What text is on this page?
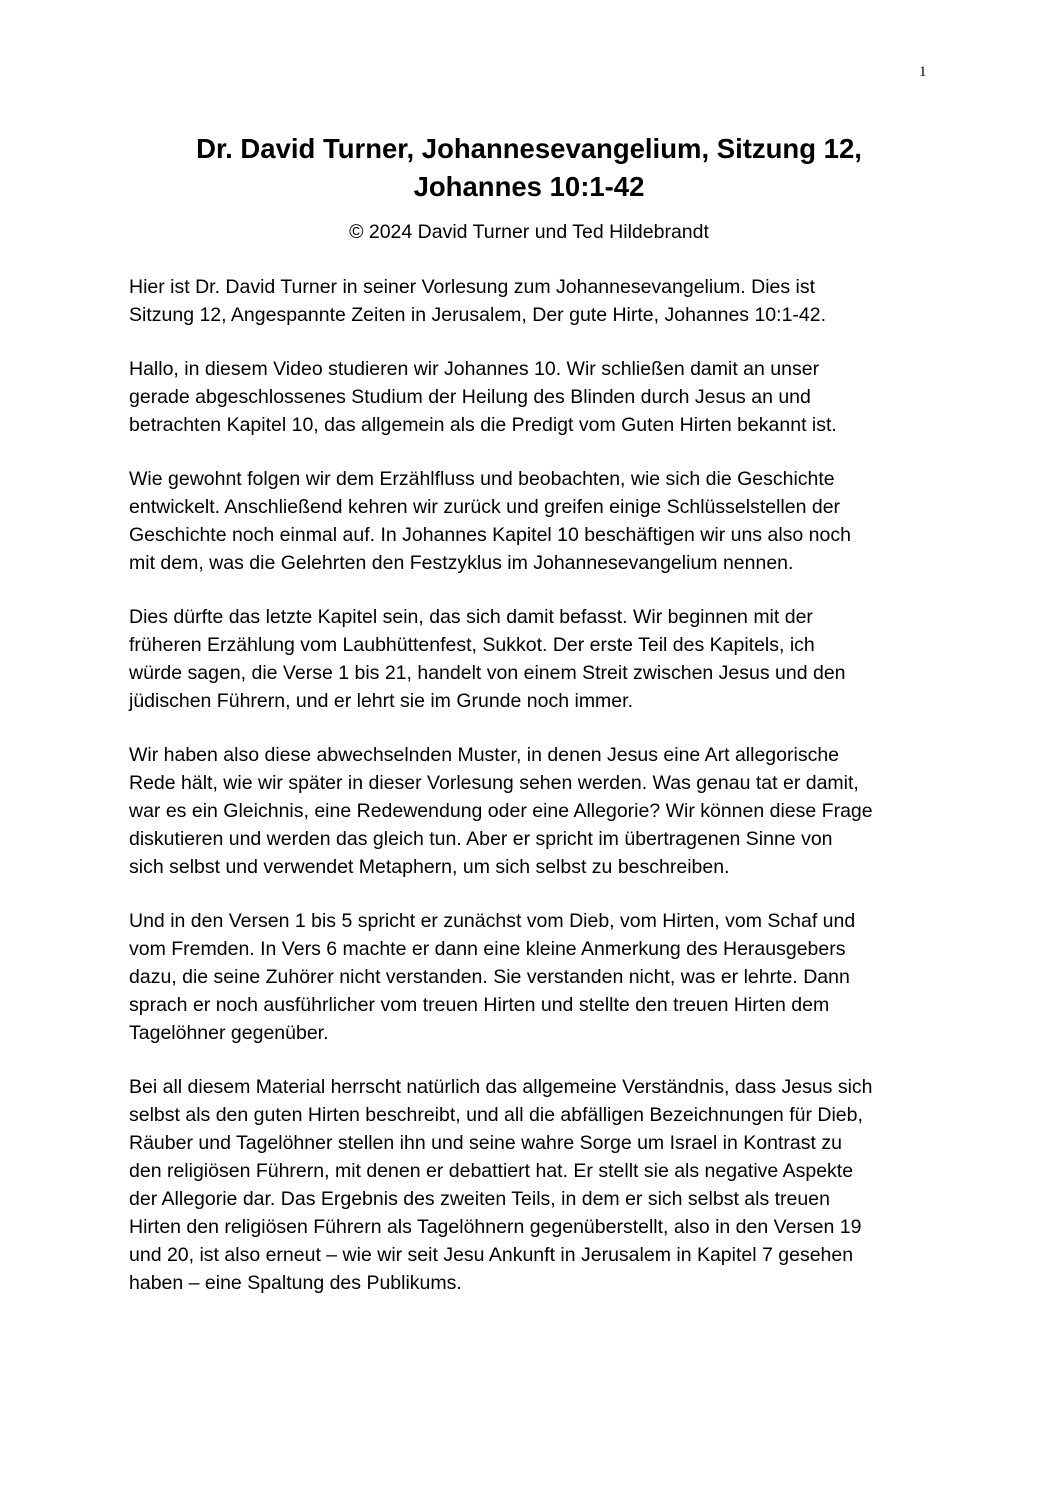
1
Dr. David Turner, Johannesevangelium, Sitzung 12,
Johannes 10:1-42

© 2024 David Turner und Ted Hildebrandt

Hier ist Dr. David Turner in seiner Vorlesung zum Johannesevangelium. Dies ist
Sitzung 12, Angespannte Zeiten in Jerusalem, Der gute Hirte, Johannes 10:1-42.

Hallo, in diesem Video studieren wir Johannes 10. Wir schließen damit an unser
gerade abgeschlossenes Studium der Heilung des Blinden durch Jesus an und
betrachten Kapitel 10, das allgemein als die Predigt vom Guten Hirten bekannt ist.

Wie gewohnt folgen wir dem Erzählfluss und beobachten, wie sich die Geschichte
entwickelt. Anschließend kehren wir zurück und greifen einige Schlüsselstellen der
Geschichte noch einmal auf. In Johannes Kapitel 10 beschäftigen wir uns also noch
mit dem, was die Gelehrten den Festzyklus im Johannesevangelium nennen.

Dies dürfte das letzte Kapitel sein, das sich damit befasst. Wir beginnen mit der
früheren Erzählung vom Laubhüttenfest, Sukkot. Der erste Teil des Kapitels, ich
würde sagen, die Verse 1 bis 21, handelt von einem Streit zwischen Jesus und den
jüdischen Führern, und er lehrt sie im Grunde noch immer.

Wir haben also diese abwechselnden Muster, in denen Jesus eine Art allegorische
Rede hält, wie wir später in dieser Vorlesung sehen werden. Was genau tat er damit,
war es ein Gleichnis, eine Redewendung oder eine Allegorie? Wir können diese Frage
diskutieren und werden das gleich tun. Aber er spricht im übertragenen Sinne von
sich selbst und verwendet Metaphern, um sich selbst zu beschreiben.

Und in den Versen 1 bis 5 spricht er zunächst vom Dieb, vom Hirten, vom Schaf und
vom Fremden. In Vers 6 machte er dann eine kleine Anmerkung des Herausgebers
dazu, die seine Zuhörer nicht verstanden. Sie verstanden nicht, was er lehrte. Dann
sprach er noch ausführlicher vom treuen Hirten und stellte den treuen Hirten dem
Tagelöhner gegenüber.

Bei all diesem Material herrscht natürlich das allgemeine Verständnis, dass Jesus sich
selbst als den guten Hirten beschreibt, und all die abfälligen Bezeichnungen für Dieb,
Räuber und Tagelöhner stellen ihn und seine wahre Sorge um Israel in Kontrast zu
den religiösen Führern, mit denen er debattiert hat. Er stellt sie als negative Aspekte
der Allegorie dar. Das Ergebnis des zweiten Teils, in dem er sich selbst als treuen
Hirten den religiösen Führern als Tagelöhnern gegenüberstellt, also in den Versen 19
und 20, ist also erneut – wie wir seit Jesu Ankunft in Jerusalem in Kapitel 7 gesehen
haben – eine Spaltung des Publikums.
